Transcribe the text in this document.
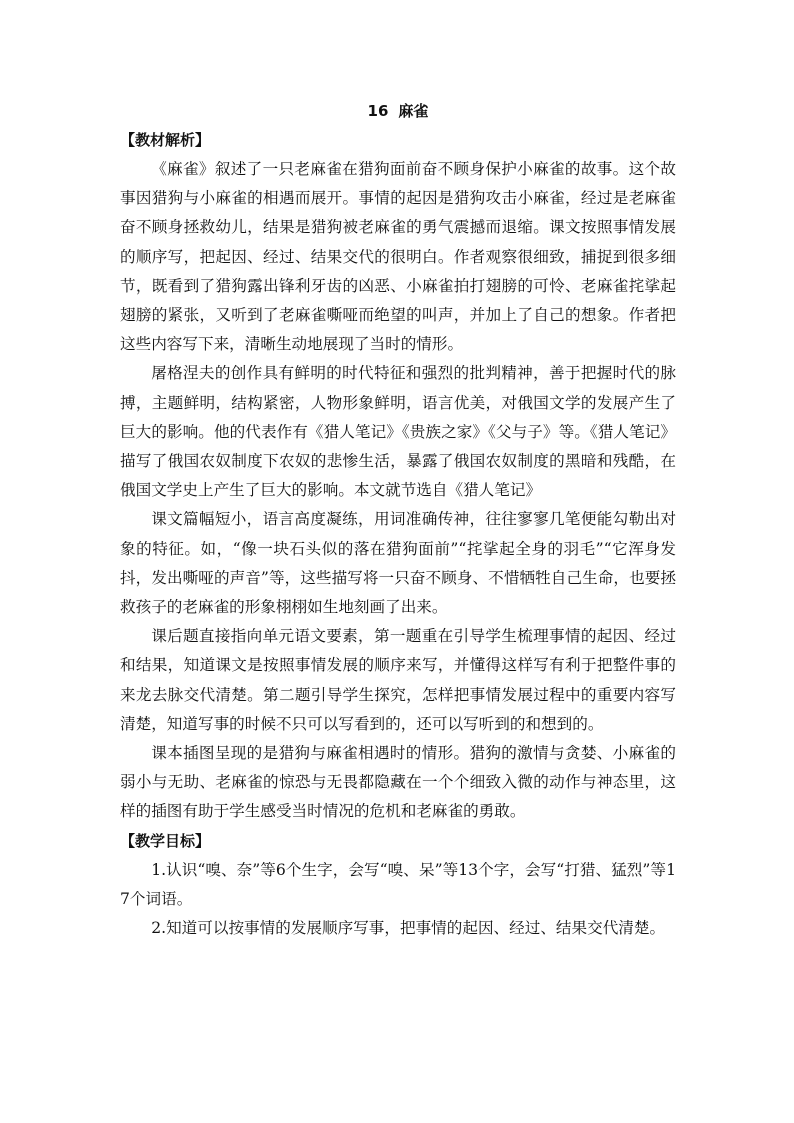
16 麻雀
【教材解析】

《麻雀》叙述了一只老麻雀在猎狗面前奋不顾身保护小麻雀的故事。这个故事因猎狗与小麻雀的相遇而展开。事情的起因是猎狗攻击小麻雀，经过是老麻雀奋不顾身拯救幼儿，结果是猎狗被老麻雀的勇气震撼而退缩。课文按照事情发展的顺序写，把起因、经过、结果交代的很明白。作者观察很细致，捕捉到很多细节，既看到了猎狗露出锋利牙齿的凶恶、小麻雀拍打翅膀的可怜、老麻雀挓挲起翅膀的紧张，又听到了老麻雀嘶哑而绝望的叫声，并加上了自己的想象。作者把这些内容写下来，清晰生动地展现了当时的情形。

屠格涅夫的创作具有鲜明的时代特征和强烈的批判精神，善于把握时代的脉搏，主题鲜明，结构紧密，人物形象鲜明，语言优美，对俄国文学的发展产生了巨大的影响。他的代表作有《猎人笔记》《贵族之家》《父与子》等。《猎人笔记》描写了俄国农奴制度下农奴的悲惨生活，暴露了俄国农奴制度的黑暗和残酷，在俄国文学史上产生了巨大的影响。本文就节选自《猎人笔记》

课文篇幅短小，语言高度凝练，用词准确传神，往往寥寥几笔便能勾勒出对象的特征。如，“像一块石头似的落在猎狗面前”“挓挲起全身的羽毛”“它浑身发抖，发出嘶哑的声音”等，这些描写将一只奋不顾身、不惜牺牲自己生命，也要拯救孩子的老麻雀的形象栩栩如生地刻画了出来。

课后题直接指向单元语文要素，第一题重在引导学生梳理事情的起因、经过和结果，知道课文是按照事情发展的顺序来写，并懂得这样写有利于把整件事的来龙去脉交代清楚。第二题引导学生探究，怎样把事情发展过程中的重要内容写清楚，知道写事的时候不只可以写看到的，还可以写听到的和想到的。

课本插图呈现的是猎狗与麻雀相遇时的情形。猎狗的激情与贪婪、小麻雀的弱小与无助、老麻雀的惊恐与无畏都隐藏在一个个细致入微的动作与神态里，这样的插图有助于学生感受当时情况的危机和老麻雀的勇敢。

【教学目标】

1.认识“嗅、奈”等6个生字，会写“嗅、呆”等13个字，会写“打猎、猛烈”等17个词语。

2.知道可以按事情的发展顺序写事，把事情的起因、经过、结果交代清楚。
